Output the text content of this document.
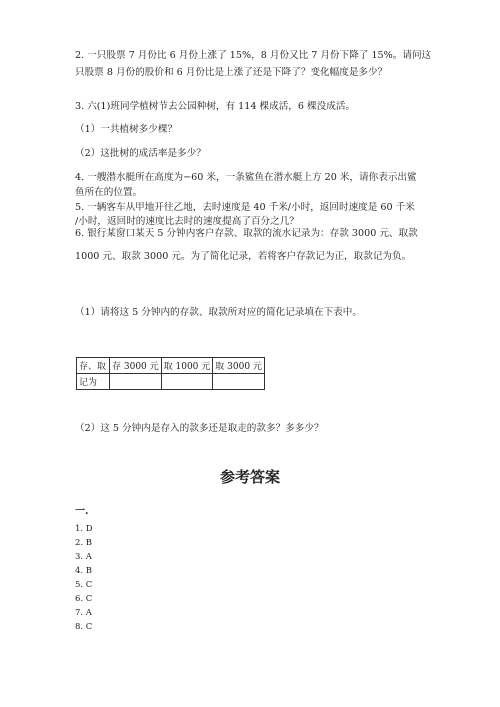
2. 一只股票 7 月份比 6 月份上涨了 15%，8 月份又比 7 月份下降了 15%。请问这
只股票 8 月份的股价和 6 月份比是上涨了还是下降了？变化幅度是多少？
3. 六(1)班同学植树节去公园种树，有 114 棵成活，6 棵没成活。
（1）一共植树多少棵？
（2）这批树的成活率是多少？
4. 一艘潜水艇所在高度为−60 米，一条鲨鱼在潜水艇上方 20 米，请你表示出鲨
鱼所在的位置。
5. 一辆客车从甲地开往乙地，去时速度是 40 千米/小时，返回时速度是 60 千米
/小时，返回时的速度比去时的速度提高了百分之几？
6. 银行某窗口某天 5 分钟内客户存款、取款的流水记录为：存款 3000 元、取款
1000 元、取款 3000 元。为了简化记录，若将客户存款记为正，取款记为负。
（1）请将这 5 分钟内的存款、取款所对应的简化记录填在下表中。
存、取	存 3000 元	取 1000 元	取 3000 元
记为			
（2）这 5 分钟内是存入的款多还是取走的款多？多多少？
参考答案
一.
1. D
2. B
3. A
4. B
5. C
6. C
7. A
8. C
